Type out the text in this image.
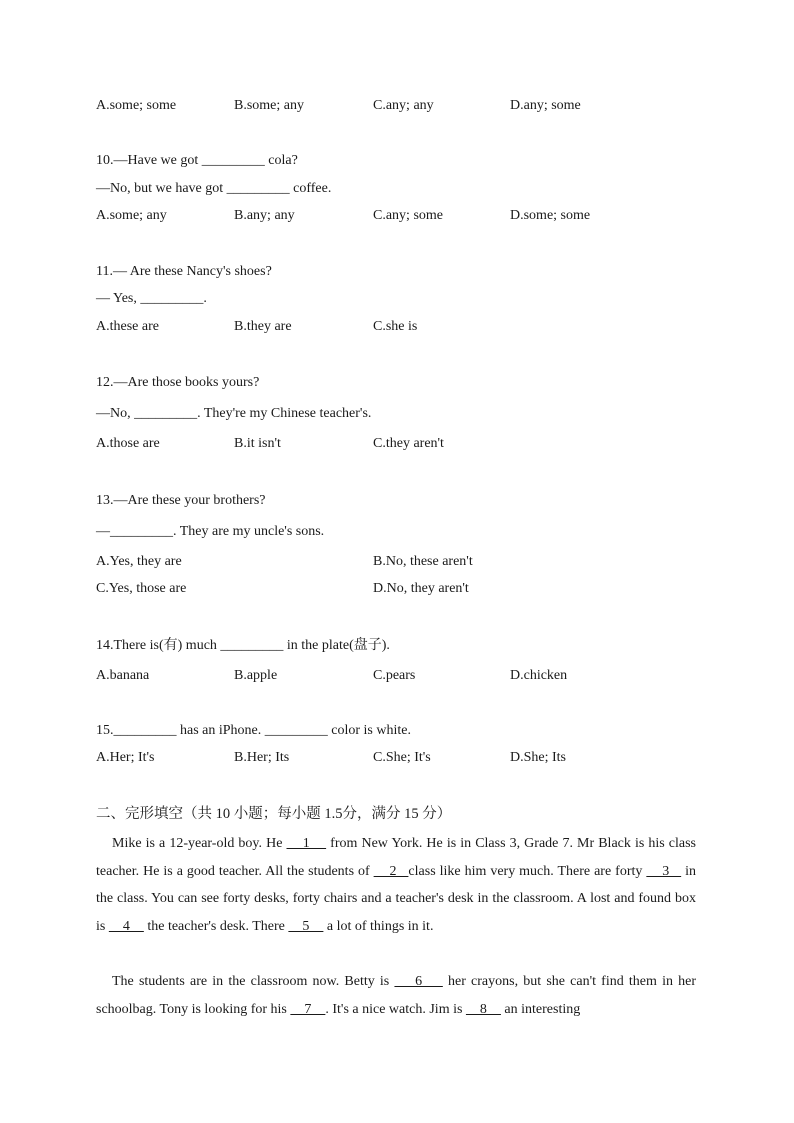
A.some; some	B.some; any	C.any; any	D.any; some
10.—Have we got _________ cola?
—No, but we have got _________ coffee.
A.some; any	B.any; any	C.any; some	D.some; some
11.— Are these Nancy's shoes?
— Yes, _________.
A.these are	B.they are	C.she is
12.—Are those books yours?
—No, _________. They're my Chinese teacher's.
A.those are	B.it isn't	C.they aren't
13.—Are these your brothers?
—_________. They are my uncle's sons.
A.Yes, they are	B.No, these aren't
C.Yes, those are	D.No, they aren't
14.There is(有) much _________ in the plate(盘子).
A.banana	B.apple	C.pears	D.chicken
15._________ has an iPhone. _________ color is white.
A.Her; It's	B.Her; Its	C.She; It's	D.She; Its
二、完形填空（共 10 小题；每小题 1.5分，满分 15 分）
Mike is a 12-year-old boy. He     1     from New York. He is in Class 3, Grade 7. Mr Black is his class teacher. He is a good teacher. All the students of     2   class like him very much. There are forty     3    in the class. You can see forty desks, forty chairs and a teacher's desk in the classroom. A lost and found box is     4     the teacher's desk. There     5     a lot of things in it.
The students are in the classroom now. Betty is     6     her crayons, but she can't find them in her schoolbag. Tony is looking for his     7    . It's a nice watch. Jim is     8     an interesting
